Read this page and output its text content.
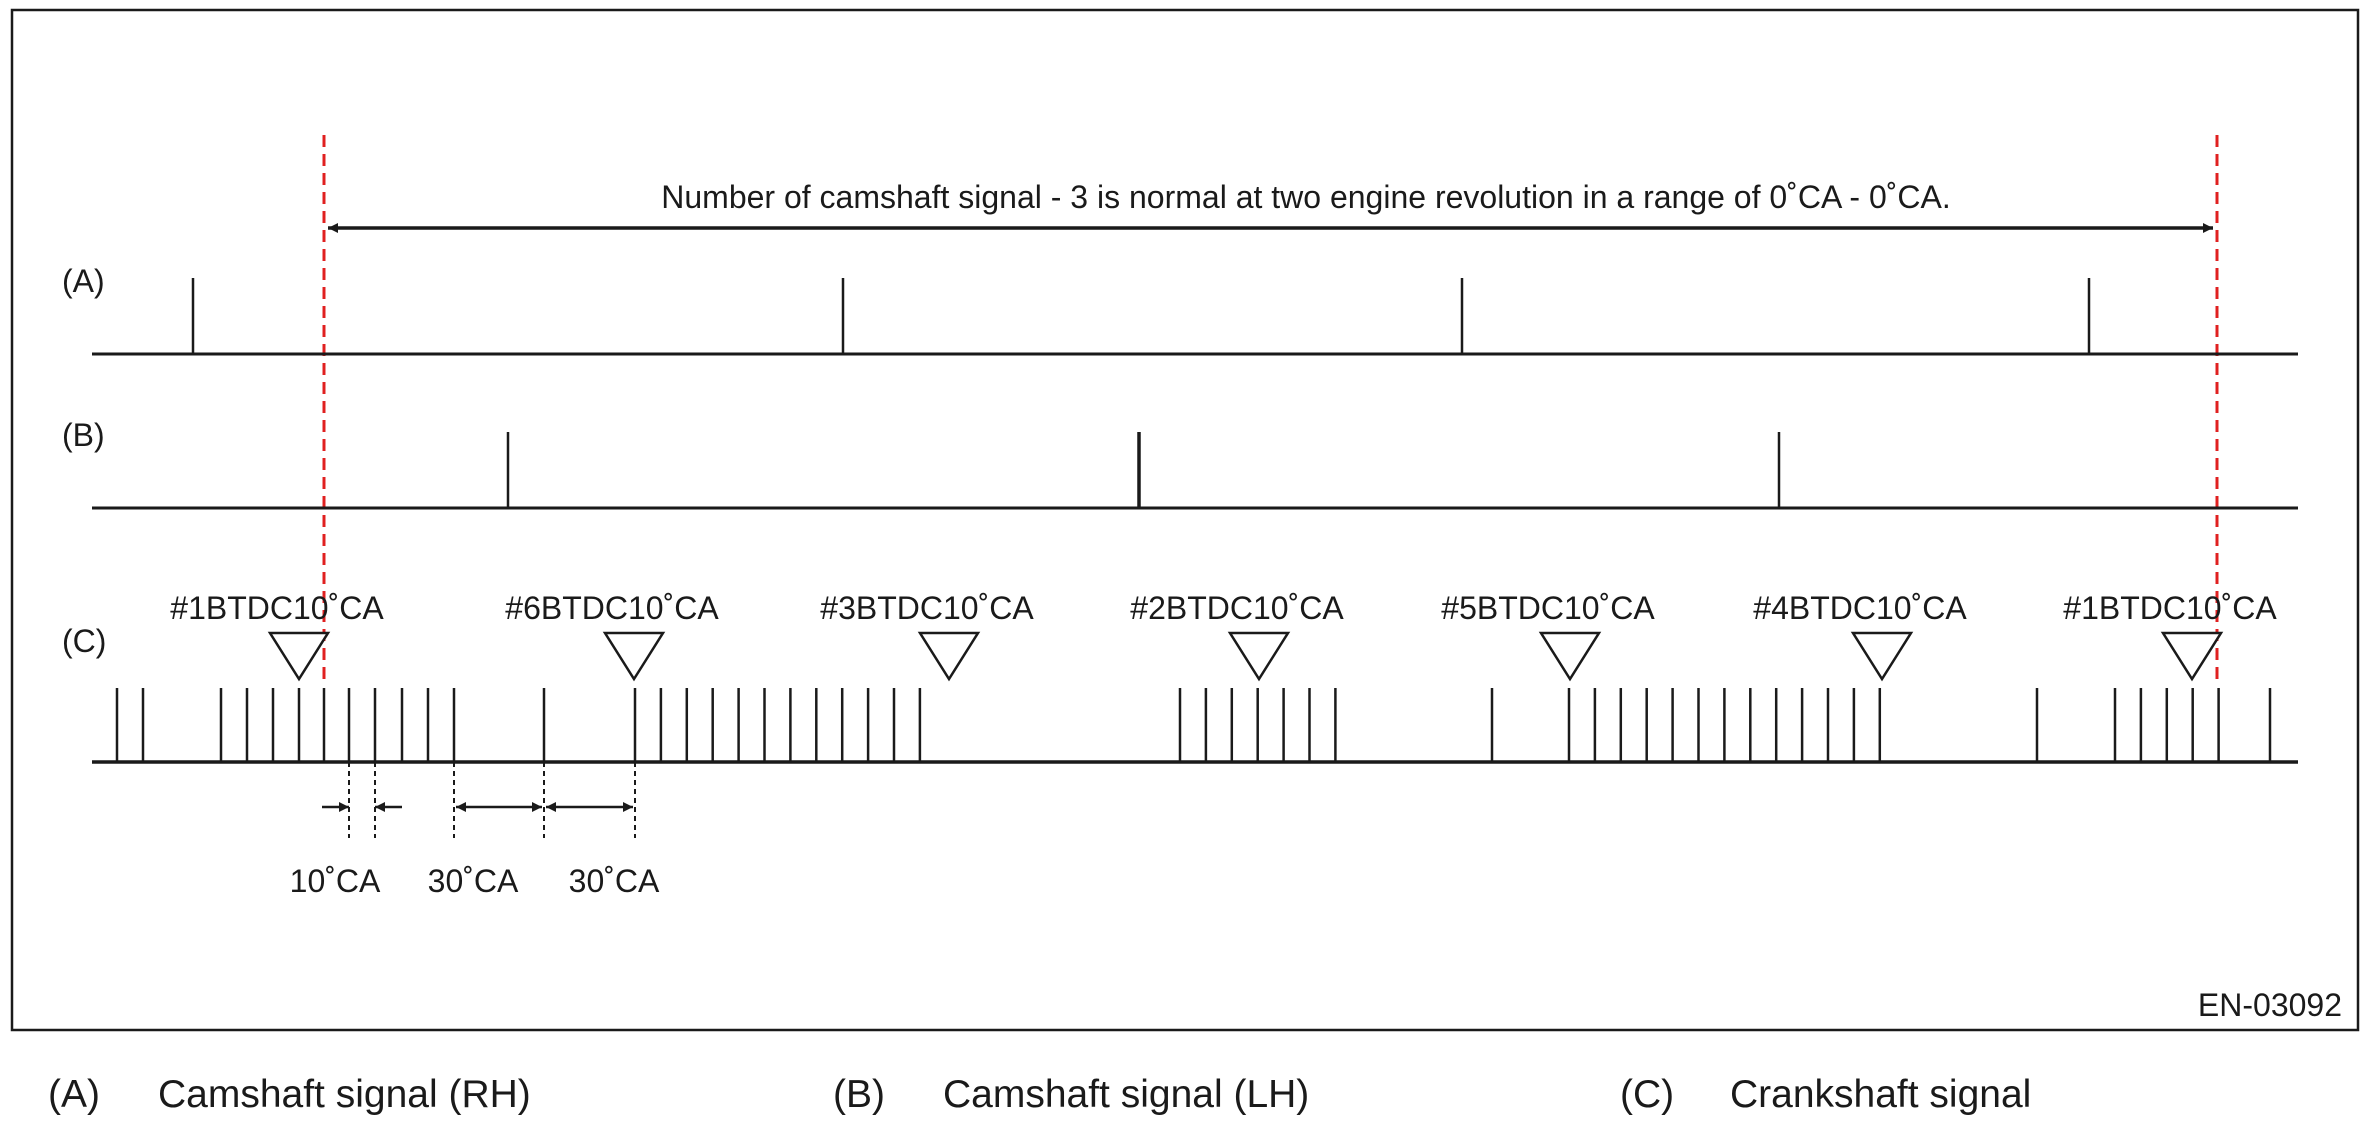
Number of camshaft signal - 3 is normal at two engine revolution in a range of 0˚CA - 0˚CA.
(A)
(B)
(C)
#1BTDC10˚CA	#6BTDC10˚CA	#3BTDC10˚CA	#2BTDC10˚CA	#5BTDC10˚CA	#4BTDC10˚CA	#1BTDC10˚CA
10˚CA 30˚CA 30˚CA
EN-03092
(A)	Camshaft signal (RH)	(B)	Camshaft signal (LH)	(C)	Crankshaft signal
